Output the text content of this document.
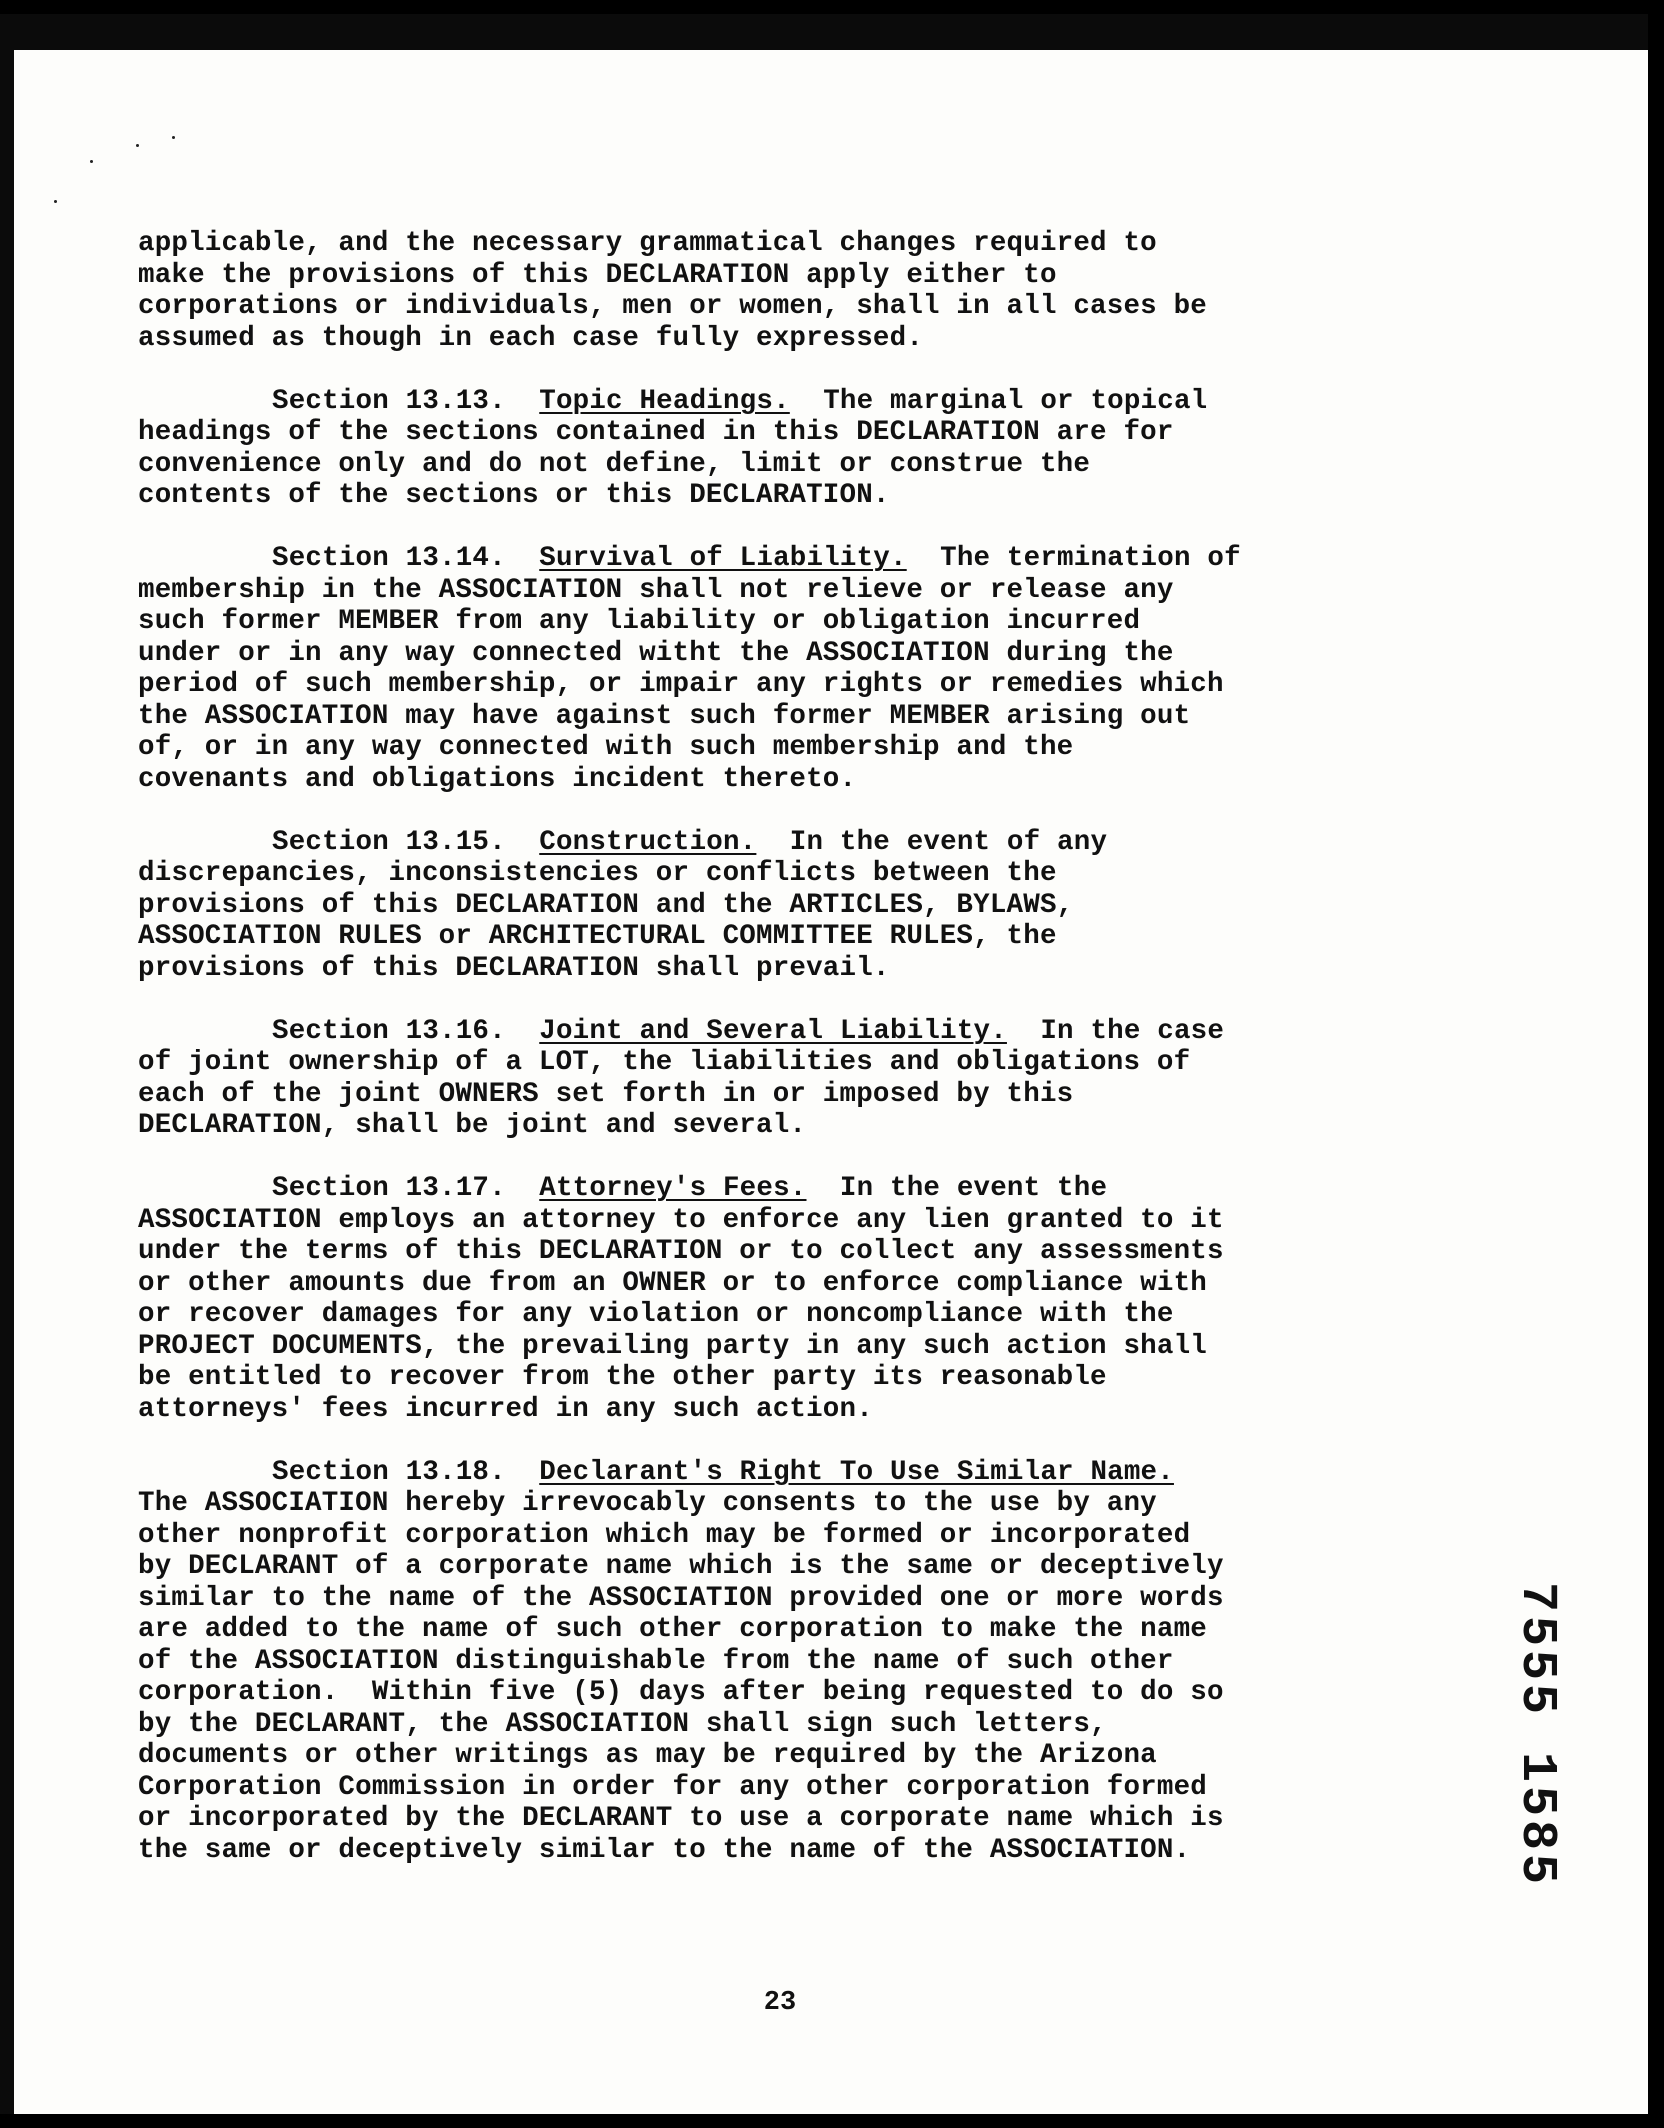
applicable, and the necessary grammatical changes required to
make the provisions of this DECLARATION apply either to
corporations or individuals, men or women, shall in all cases be
assumed as though in each case fully expressed.
Section 13.13. Topic Headings. The marginal or topical
headings of the sections contained in this DECLARATION are for
convenience only and do not define, limit or construe the
contents of the sections or this DECLARATION.
Section 13.14. Survival of Liability. The termination of
membership in the ASSOCIATION shall not relieve or release any
such former MEMBER from any liability or obligation incurred
under or in any way connected witht the ASSOCIATION during the
period of such membership, or impair any rights or remedies which
the ASSOCIATION may have against such former MEMBER arising out
of, or in any way connected with such membership and the
covenants and obligations incident thereto.
Section 13.15. Construction. In the event of any
discrepancies, inconsistencies or conflicts between the
provisions of this DECLARATION and the ARTICLES, BYLAWS,
ASSOCIATION RULES or ARCHITECTURAL COMMITTEE RULES, the
provisions of this DECLARATION shall prevail.
Section 13.16. Joint and Several Liability. In the case
of joint ownership of a LOT, the liabilities and obligations of
each of the joint OWNERS set forth in or imposed by this
DECLARATION, shall be joint and several.
Section 13.17. Attorney's Fees. In the event the
ASSOCIATION employs an attorney to enforce any lien granted to it
under the terms of this DECLARATION or to collect any assessments
or other amounts due from an OWNER or to enforce compliance with
or recover damages for any violation or noncompliance with the
PROJECT DOCUMENTS, the prevailing party in any such action shall
be entitled to recover from the other party its reasonable
attorneys' fees incurred in any such action.
Section 13.18. Declarant's Right To Use Similar Name.
The ASSOCIATION hereby irrevocably consents to the use by any
other nonprofit corporation which may be formed or incorporated
by DECLARANT of a corporate name which is the same or deceptively
similar to the name of the ASSOCIATION provided one or more words
are added to the name of such other corporation to make the name
of the ASSOCIATION distinguishable from the name of such other
corporation.  Within five (5) days after being requested to do so
by the DECLARANT, the ASSOCIATION shall sign such letters,
documents or other writings as may be required by the Arizona
Corporation Commission in order for any other corporation formed
or incorporated by the DECLARANT to use a corporate name which is
the same or deceptively similar to the name of the ASSOCIATION.
23
7555 1585
